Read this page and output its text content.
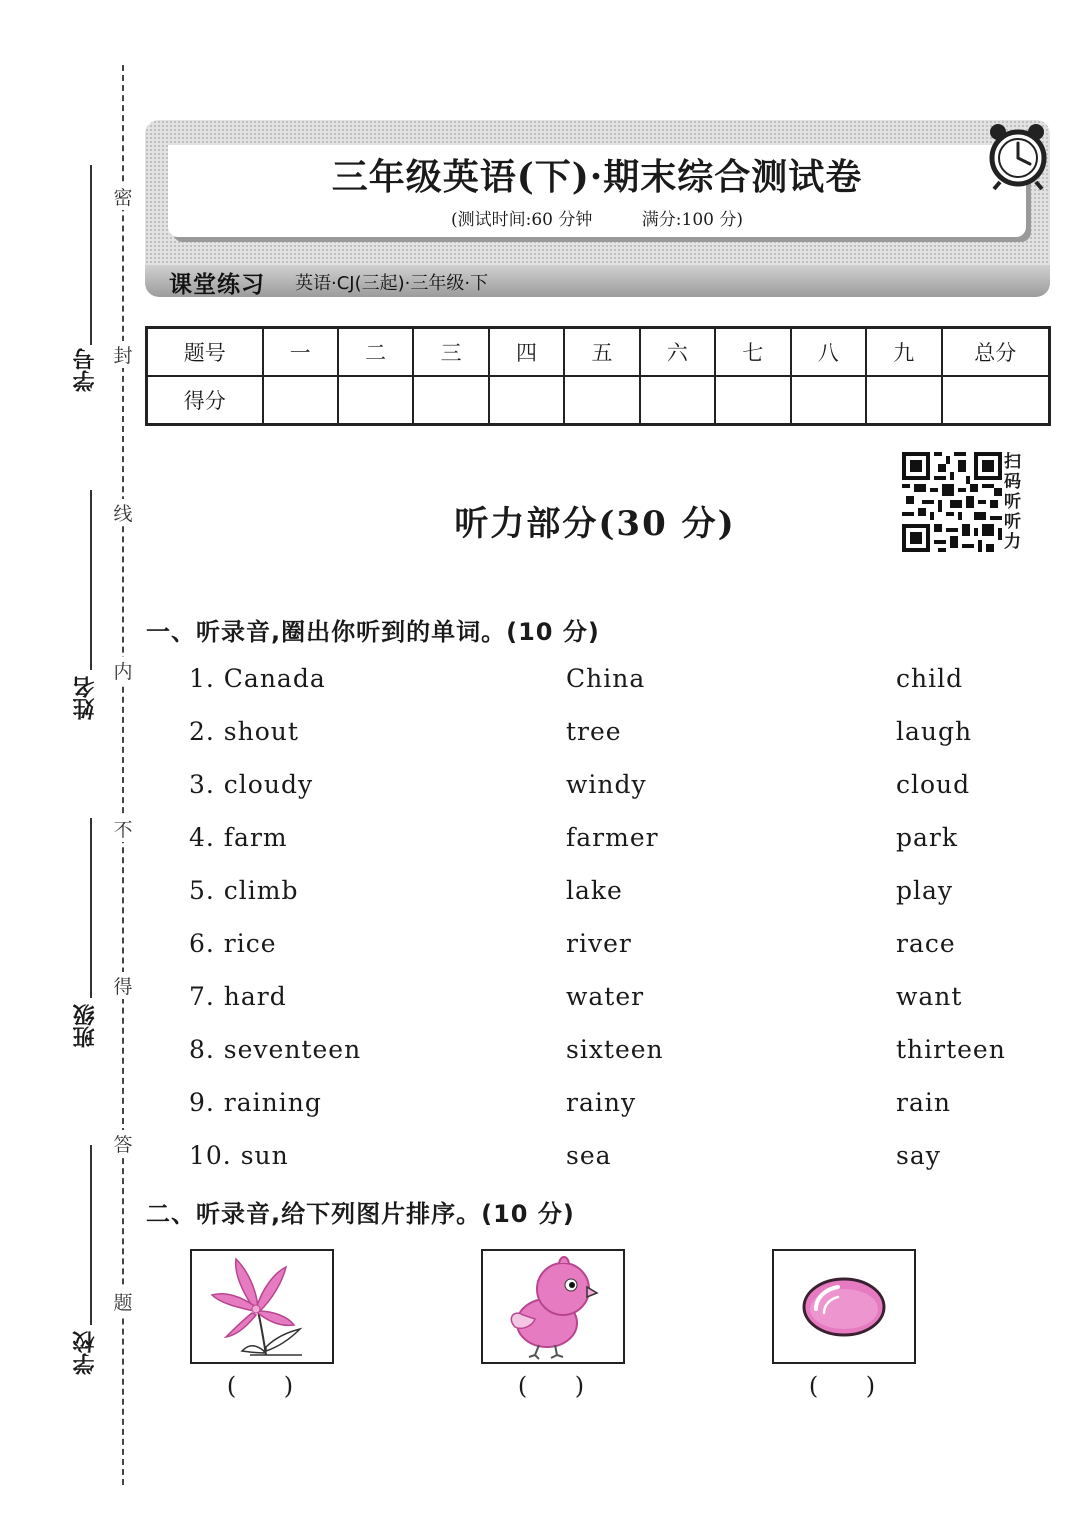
密
封
线
内
不
得
答
题
学号
姓名
班级
学校
三年级英语(下)·期末综合测试卷
(测试时间:60 分钟	满分:100 分)
课堂练习 英语·CJ(三起)·三年级·下
题号	一	二	三	四	五	六	七	八	九	总分
得分										
听力部分(30 分)
扫
码
听
听
力
一、听录音,圈出你听到的单词。(10 分)
1. Canada	China	child
2. shout	tree	laugh
3. cloudy	windy	cloud
4. farm	farmer	park
5. climb	lake	play
6. rice	river	race
7. hard	water	want
8. seventeen	sixteen	thirteen
9. raining	rainy	rain
10. sun	sea	say
二、听录音,给下列图片排序。(10 分)
( )	( )	( )
